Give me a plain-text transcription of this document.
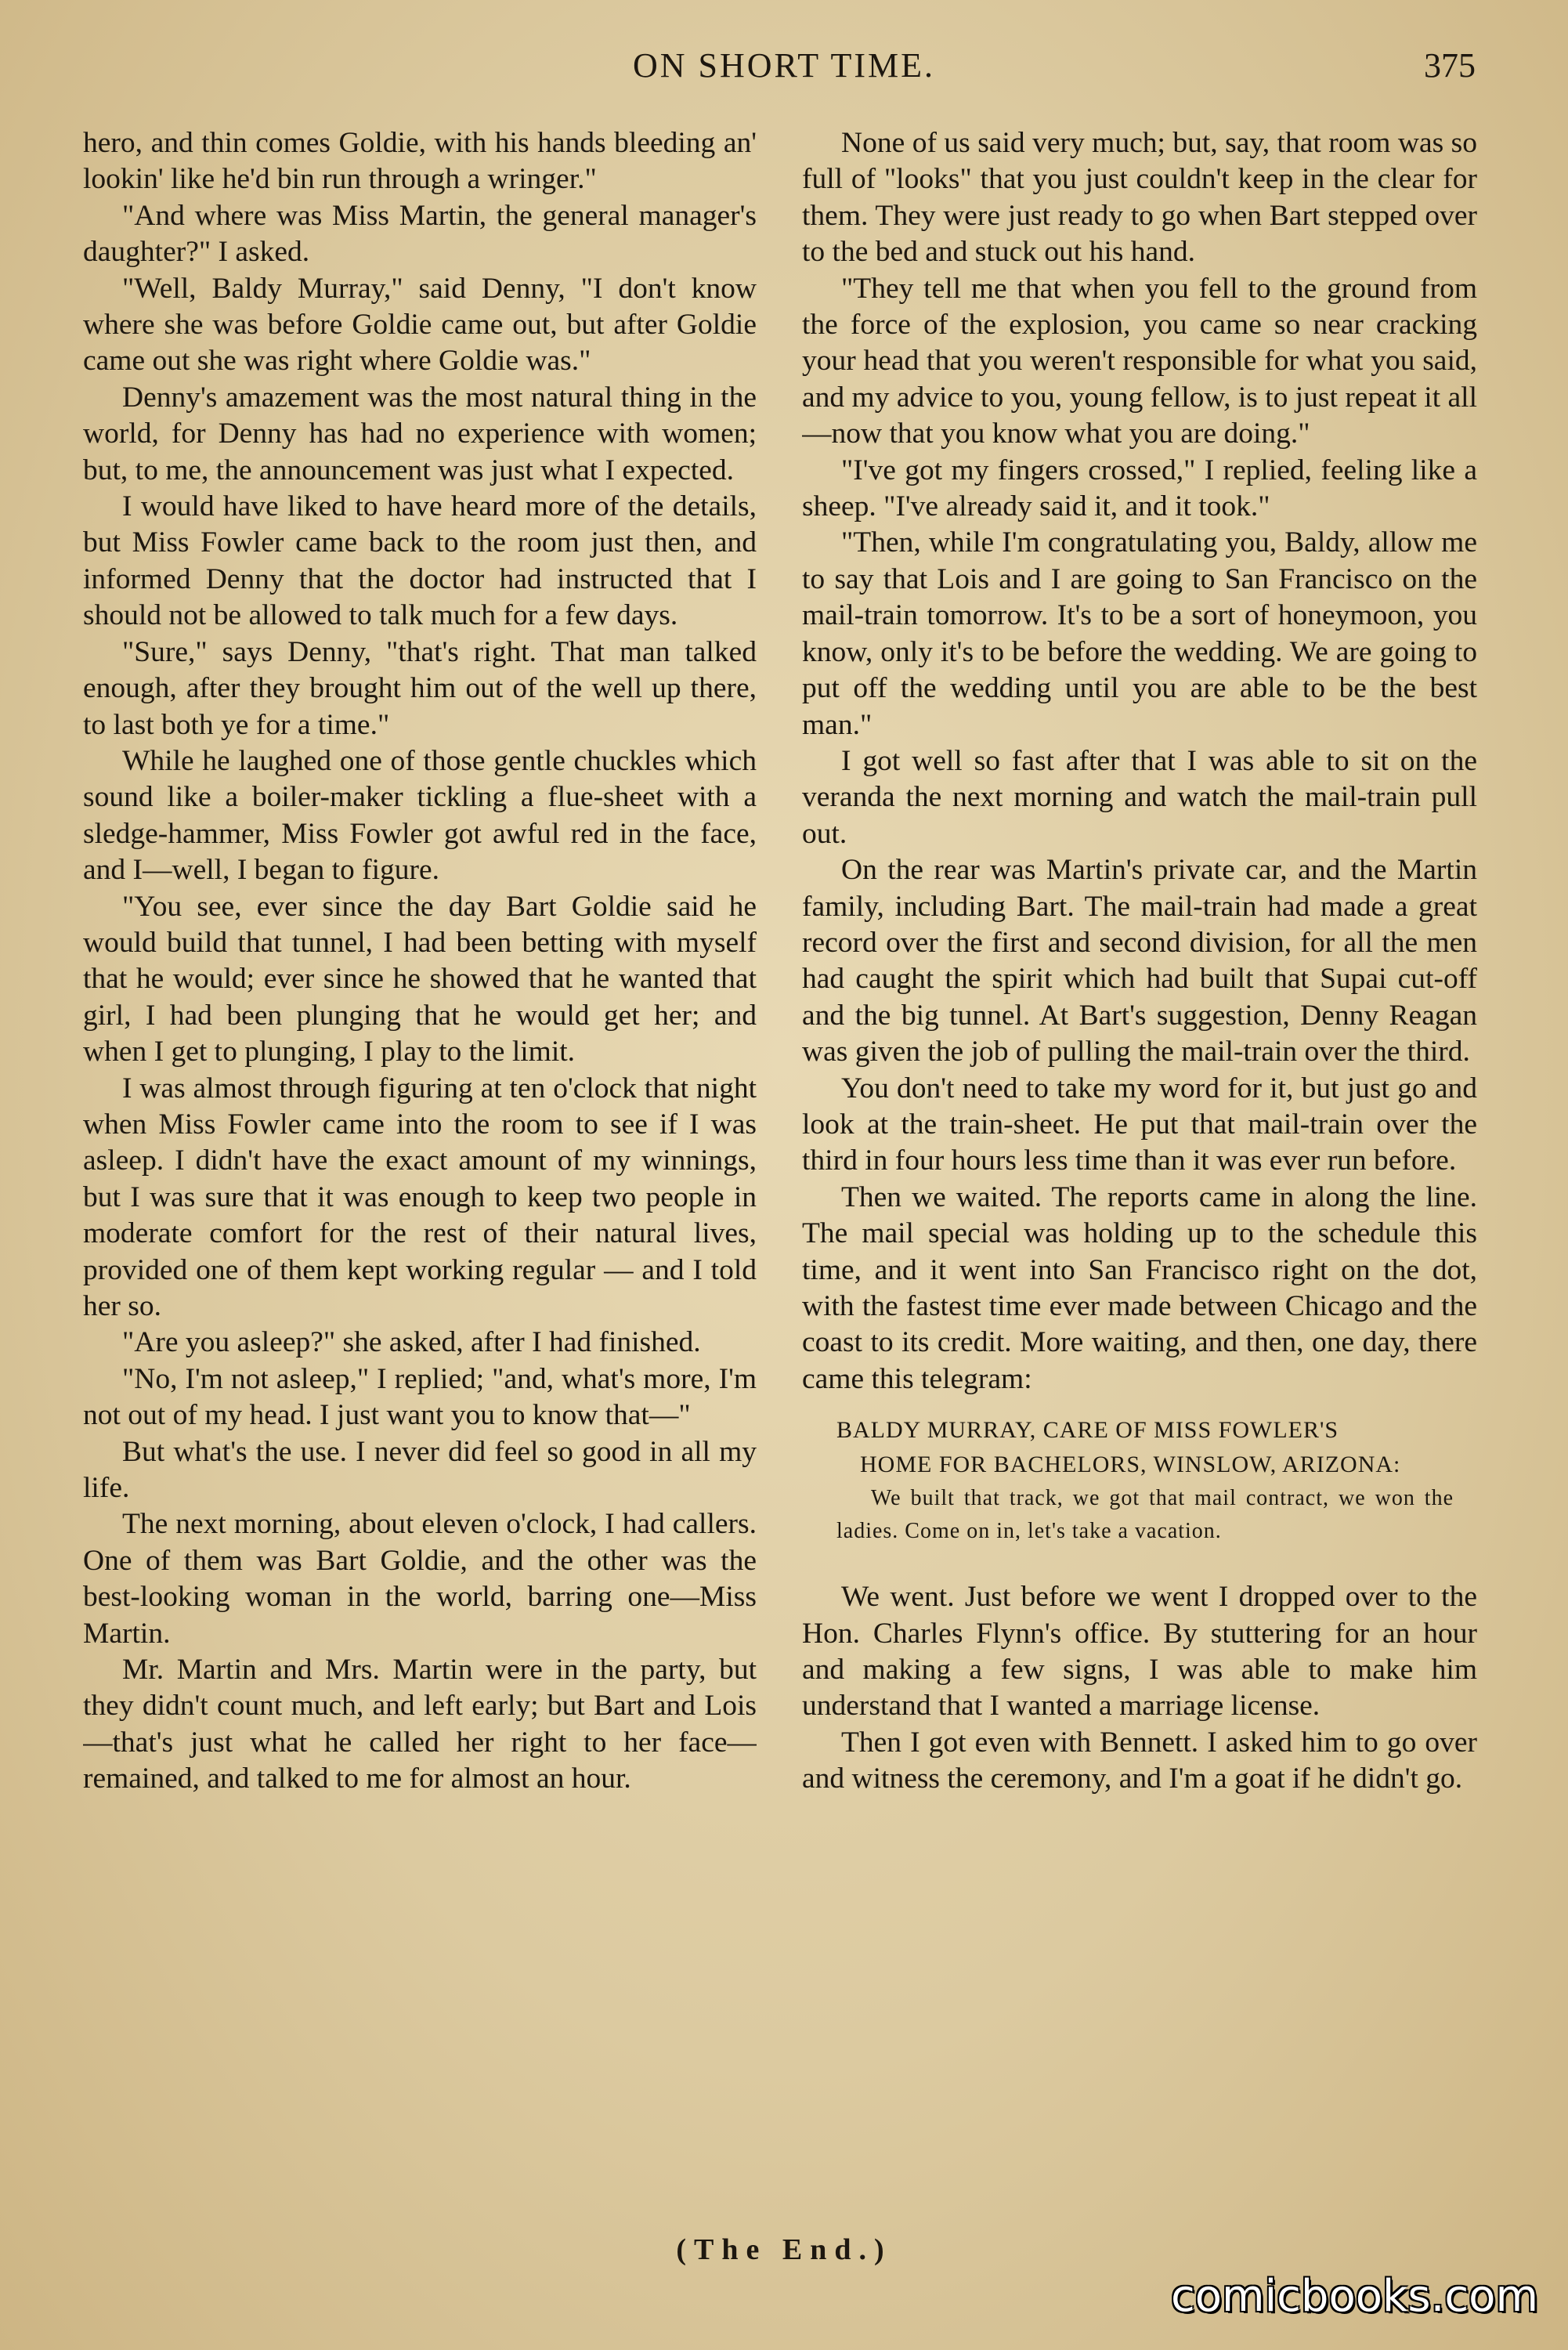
ON SHORT TIME.	375

hero, and thin comes Goldie, with his hands bleeding an' lookin' like he'd bin run through a wringer."

"And where was Miss Martin, the general manager's daughter?" I asked.

"Well, Baldy Murray," said Denny, "I don't know where she was before Goldie came out, but after Goldie came out she was right where Goldie was."

Denny's amazement was the most natural thing in the world, for Denny has had no experience with women; but, to me, the announcement was just what I expected.

I would have liked to have heard more of the details, but Miss Fowler came back to the room just then, and informed Denny that the doctor had instructed that I should not be allowed to talk much for a few days.

"Sure," says Denny, "that's right. That man talked enough, after they brought him out of the well up there, to last both ye for a time."

While he laughed one of those gentle chuckles which sound like a boiler-maker tickling a flue-sheet with a sledge-hammer, Miss Fowler got awful red in the face, and I—well, I began to figure.

"You see, ever since the day Bart Goldie said he would build that tunnel, I had been betting with myself that he would; ever since he showed that he wanted that girl, I had been plunging that he would get her; and when I get to plunging, I play to the limit.

I was almost through figuring at ten o'clock that night when Miss Fowler came into the room to see if I was asleep. I didn't have the exact amount of my winnings, but I was sure that it was enough to keep two people in moderate comfort for the rest of their natural lives, provided one of them kept working regular — and I told her so.

"Are you asleep?" she asked, after I had finished.

"No, I'm not asleep," I replied; "and, what's more, I'm not out of my head. I just want you to know that—"

But what's the use. I never did feel so good in all my life.

The next morning, about eleven o'clock, I had callers. One of them was Bart Goldie, and the other was the best-looking woman in the world, barring one—Miss Martin.

Mr. Martin and Mrs. Martin were in the party, but they didn't count much, and left early; but Bart and Lois—that's just what he called her right to her face—remained, and talked to me for almost an hour.

None of us said very much; but, say, that room was so full of "looks" that you just couldn't keep in the clear for them. They were just ready to go when Bart stepped over to the bed and stuck out his hand.

"They tell me that when you fell to the ground from the force of the explosion, you came so near cracking your head that you weren't responsible for what you said, and my advice to you, young fellow, is to just repeat it all—now that you know what you are doing."

"I've got my fingers crossed," I replied, feeling like a sheep. "I've already said it, and it took."

"Then, while I'm congratulating you, Baldy, allow me to say that Lois and I are going to San Francisco on the mail-train tomorrow. It's to be a sort of honeymoon, you know, only it's to be before the wedding. We are going to put off the wedding until you are able to be the best man."

I got well so fast after that I was able to sit on the veranda the next morning and watch the mail-train pull out.

On the rear was Martin's private car, and the Martin family, including Bart. The mail-train had made a great record over the first and second division, for all the men had caught the spirit which had built that Supai cut-off and the big tunnel. At Bart's suggestion, Denny Reagan was given the job of pulling the mail-train over the third.

You don't need to take my word for it, but just go and look at the train-sheet. He put that mail-train over the third in four hours less time than it was ever run before.

Then we waited. The reports came in along the line. The mail special was holding up to the schedule this time, and it went into San Francisco right on the dot, with the fastest time ever made between Chicago and the coast to its credit. More waiting, and then, one day, there came this telegram:

BALDY MURRAY, CARE OF MISS FOWLER'S
HOME FOR BACHELORS, WINSLOW, ARIZONA:
We built that track, we got that mail contract, we won the ladies. Come on in, let's take a vacation.

We went. Just before we went I dropped over to the Hon. Charles Flynn's office. By stuttering for an hour and making a few signs, I was able to make him understand that I wanted a marriage license.

Then I got even with Bennett. I asked him to go over and witness the ceremony, and I'm a goat if he didn't go.

(The End.)
comicbooks.com
